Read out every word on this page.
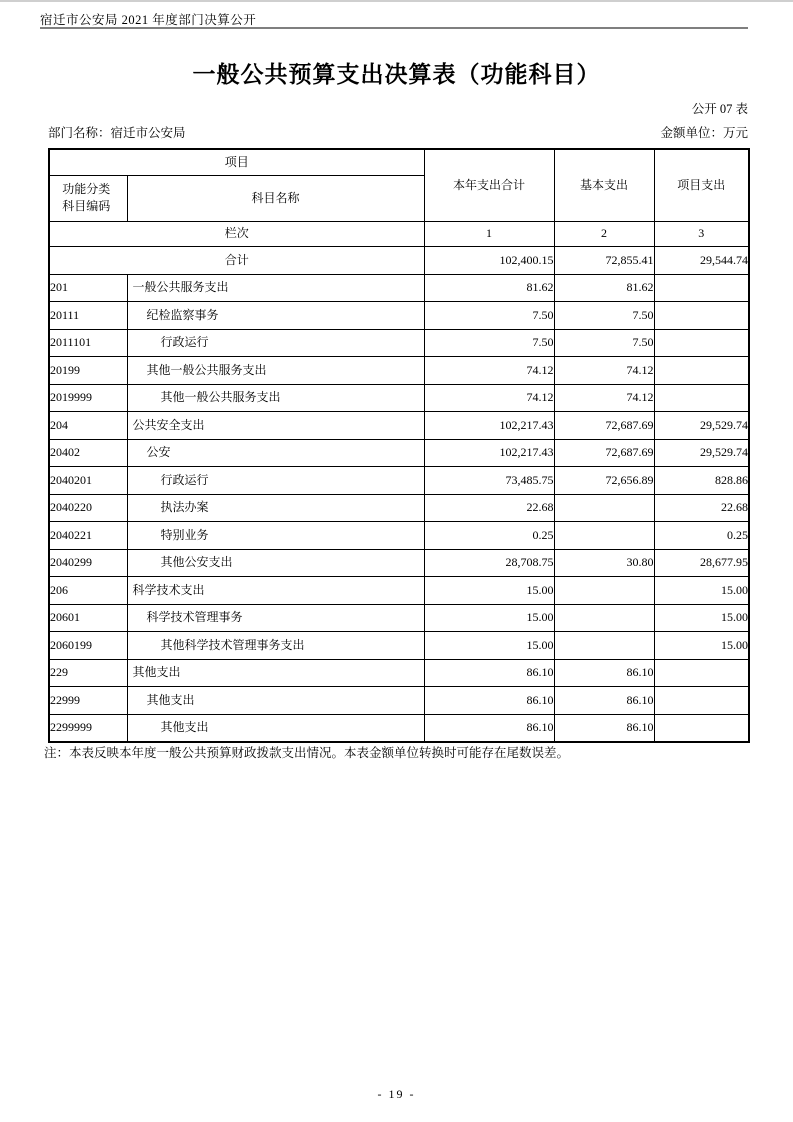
宿迁市公安局 2021 年度部门决算公开
一般公共预算支出决算表（功能科目）
公开 07 表
部门名称：宿迁市公安局	金额单位：万元
项目		本年支出合计	基本支出	项目支出
功能分类科目编码	科目名称			
栏次		1	2	3
合计		102,400.15	72,855.41	29,544.74
201	一般公共服务支出	81.62	81.62	
20111	纪检监察事务	7.50	7.50	
2011101	行政运行	7.50	7.50	
20199	其他一般公共服务支出	74.12	74.12	
2019999	其他一般公共服务支出	74.12	74.12	
204	公共安全支出	102,217.43	72,687.69	29,529.74
20402	公安	102,217.43	72,687.69	29,529.74
2040201	行政运行	73,485.75	72,656.89	828.86
2040220	执法办案	22.68		22.68
2040221	特别业务	0.25		0.25
2040299	其他公安支出	28,708.75	30.80	28,677.95
206	科学技术支出	15.00		15.00
20601	科学技术管理事务	15.00		15.00
2060199	其他科学技术管理事务支出	15.00		15.00
229	其他支出	86.10	86.10	
22999	其他支出	86.10	86.10	
2299999	其他支出	86.10	86.10	
注：本表反映本年度一般公共预算财政拨款支出情况。本表金额单位转换时可能存在尾数误差。
- 19 -
